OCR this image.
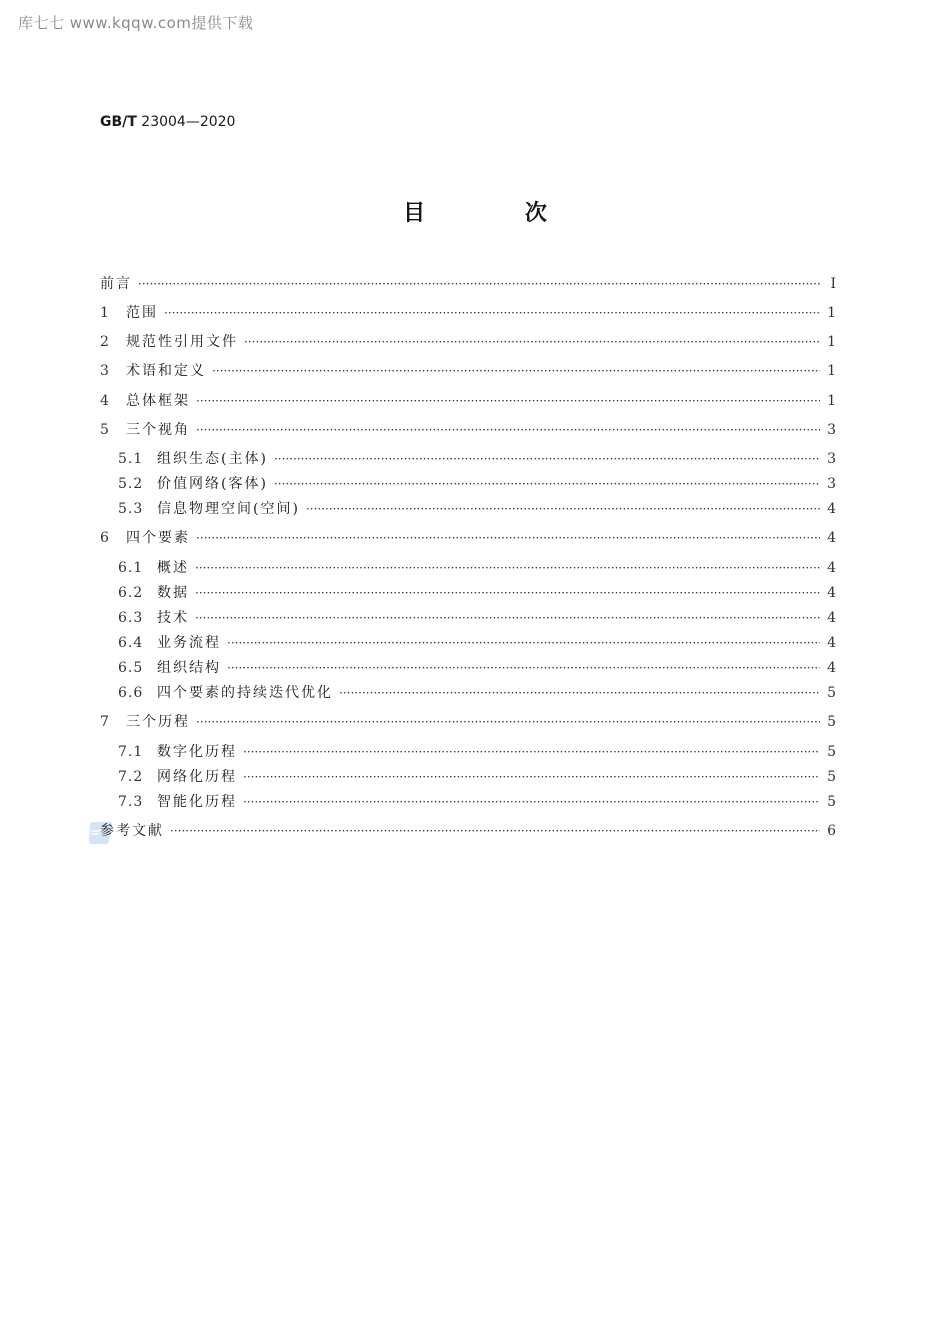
库七七 www.kqqw.com提供下载
GB/T 23004—2020
目 次
前言 ·····	Ⅰ
1	范围 ·····	1
2	规范性引用文件 ·····	1
3	术语和定义 ·····	1
4	总体框架 ·····	1
5	三个视角 ·····	3
5.1 组织生态(主体) ·····	3
5.2 价值网络(客体) ·····	3
5.3 信息物理空间(空间) ·····	4
6	四个要素 ·····	4
6.1 概述 ·····	4
6.2 数据 ·····	4
6.3 技术 ·····	4
6.4 业务流程 ·····	4
6.5 组织结构 ·····	4
6.6 四个要素的持续迭代优化 ·····	5
7	三个历程 ·····	5
7.1 数字化历程 ·····	5
7.2 网络化历程 ·····	5
7.3 智能化历程 ·····	5
参考文献 ·····	6
